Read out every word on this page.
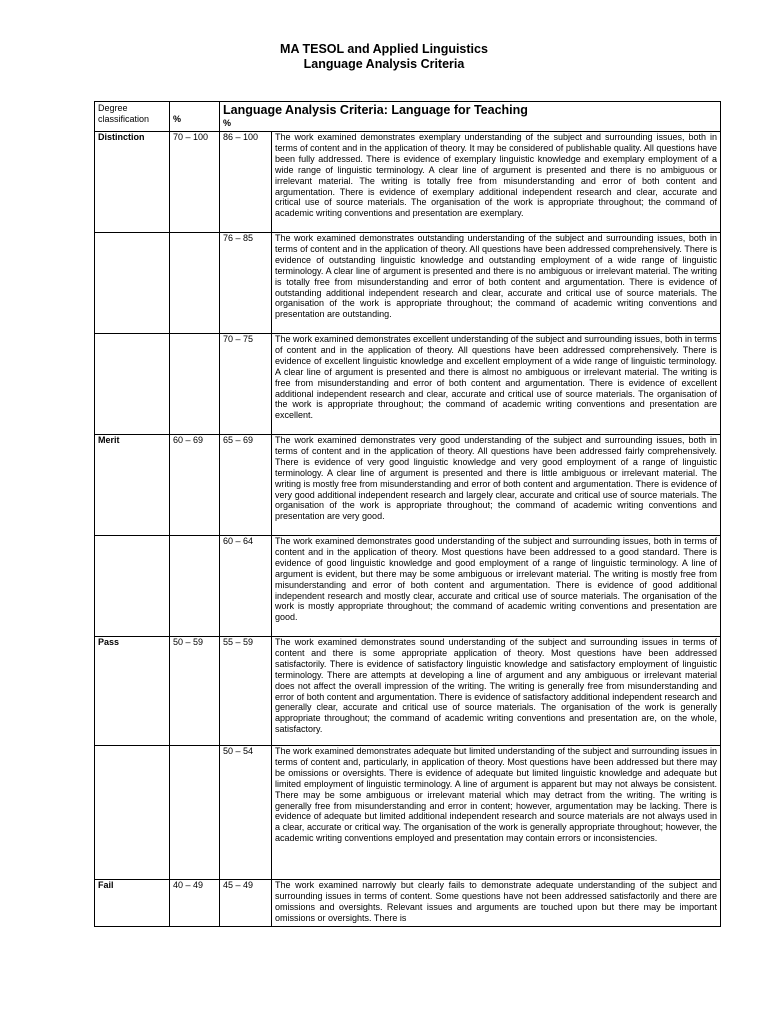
MA TESOL and Applied Linguistics
Language Analysis Criteria
Degree classification	%	Language Analysis Criteria: Language for Teaching
%	

Distinction	70 – 100	86 – 100	The work examined demonstrates exemplary understanding of the subject and surrounding issues, both in terms of content and in the application of theory. It may be considered of publishable quality. All questions have been fully addressed. There is evidence of exemplary linguistic knowledge and exemplary employment of a wide range of linguistic terminology. A clear line of argument is presented and there is no ambiguous or irrelevant material. The writing is totally free from misunderstanding and error of both content and argumentation. There is evidence of exemplary additional independent research and clear, accurate and critical use of source materials. The organisation of the work is appropriate throughout; the command of academic writing conventions and presentation are exemplary.
		76 – 85	The work examined demonstrates outstanding understanding of the subject and surrounding issues, both in terms of content and in the application of theory. All questions have been addressed comprehensively. There is evidence of outstanding linguistic knowledge and outstanding employment of a wide range of linguistic terminology. A clear line of argument is presented and there is no ambiguous or irrelevant material. The writing is totally free from misunderstanding and error of both content and argumentation. There is evidence of outstanding additional independent research and clear, accurate and critical use of source materials. The organisation of the work is appropriate throughout; the command of academic writing conventions and presentation are outstanding.
		70 – 75	The work examined demonstrates excellent understanding of the subject and surrounding issues, both in terms of content and in the application of theory. All questions have been addressed comprehensively. There is evidence of excellent linguistic knowledge and excellent employment of a wide range of linguistic terminology. A clear line of argument is presented and there is almost no ambiguous or irrelevant material. The writing is free from misunderstanding and error of both content and argumentation. There is evidence of excellent additional independent research and clear, accurate and critical use of source materials. The organisation of the work is appropriate throughout; the command of academic writing conventions and presentation are excellent.
Merit	60 – 69	65 – 69	The work examined demonstrates very good understanding of the subject and surrounding issues, both in terms of content and in the application of theory. All questions have been addressed fairly comprehensively. There is evidence of very good linguistic knowledge and very good employment of a range of linguistic terminology. A clear line of argument is presented and there is little ambiguous or irrelevant material. The writing is mostly free from misunderstanding and error of both content and argumentation. There is evidence of very good additional independent research and largely clear, accurate and critical use of source materials. The organisation of the work is appropriate throughout; the command of academic writing conventions and presentation are very good.
		60 – 64	The work examined demonstrates good understanding of the subject and surrounding issues, both in terms of content and in the application of theory. Most questions have been addressed to a good standard. There is evidence of good linguistic knowledge and good employment of a range of linguistic terminology. A line of argument is evident, but there may be some ambiguous or irrelevant material. The writing is mostly free from misunderstanding and error of both content and argumentation. There is evidence of good additional independent research and mostly clear, accurate and critical use of source materials. The organisation of the work is mostly appropriate throughout; the command of academic writing conventions and presentation are good.
Pass	50 – 59	55 – 59	The work examined demonstrates sound understanding of the subject and surrounding issues in terms of content and there is some appropriate application of theory. Most questions have been addressed satisfactorily. There is evidence of satisfactory linguistic knowledge and satisfactory employment of linguistic terminology. There are attempts at developing a line of argument and any ambiguous or irrelevant material does not affect the overall impression of the writing. The writing is generally free from misunderstanding and error of both content and argumentation. There is evidence of satisfactory additional independent research and generally clear, accurate and critical use of source materials. The organisation of the work is generally appropriate throughout; the command of academic writing conventions and presentation are, on the whole, satisfactory.
		50 – 54	The work examined demonstrates adequate but limited understanding of the subject and surrounding issues in terms of content and, particularly, in application of theory. Most questions have been addressed but there may be omissions or oversights. There is evidence of adequate but limited linguistic knowledge and adequate but limited employment of linguistic terminology. A line of argument is apparent but may not always be consistent. There may be some ambiguous or irrelevant material which may detract from the writing. The writing is generally free from misunderstanding and error in content; however, argumentation may be lacking. There is evidence of adequate but limited additional independent research and source materials are not always used in a clear, accurate or critical way. The organisation of the work is generally appropriate throughout; however, the academic writing conventions employed and presentation may contain errors or inconsistencies.
Fail	40 – 49	45 – 49	The work examined narrowly but clearly fails to demonstrate adequate understanding of the subject and surrounding issues in terms of content. Some questions have not been addressed satisfactorily and there are omissions and oversights. Relevant issues and arguments are touched upon but there may be important omissions or oversights. There is
